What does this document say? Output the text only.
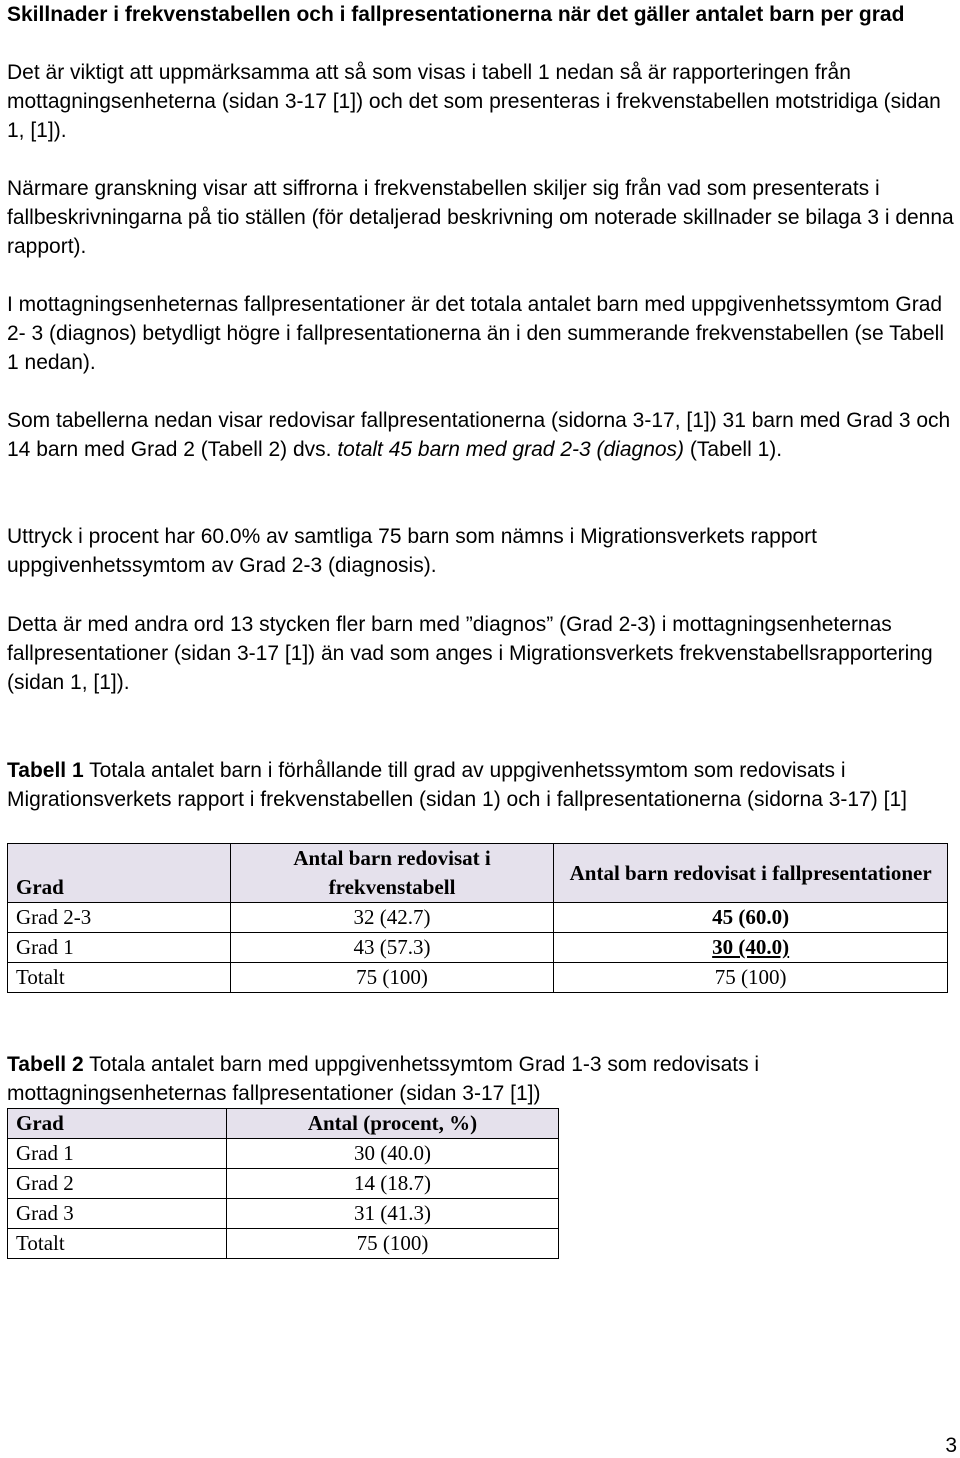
Skillnader i frekvenstabellen och i fallpresentationerna när det gäller antalet barn per grad

Det är viktigt att uppmärksamma att så som visas i tabell 1 nedan så är rapporteringen från mottagningsenheterna (sidan 3-17 [1]) och det som presenteras i frekvenstabellen motstridiga (sidan 1, [1]).

Närmare granskning visar att siffrorna i frekvenstabellen skiljer sig från vad som presenterats i fallbeskrivningarna på tio ställen (för detaljerad beskrivning om noterade skillnader se bilaga 3 i denna rapport).

I mottagningsenheternas fallpresentationer är det totala antalet barn med uppgivenhetssymtom Grad 2- 3 (diagnos) betydligt högre i fallpresentationerna än i den summerande frekvenstabellen (se Tabell 1 nedan).

Som tabellerna nedan visar redovisar fallpresentationerna (sidorna 3-17, [1]) 31 barn med Grad 3 och 14 barn med Grad 2 (Tabell 2) dvs. totalt 45 barn med grad 2-3 (diagnos) (Tabell 1).

Uttryck i procent har 60.0% av samtliga 75 barn som nämns i Migrationsverkets rapport uppgivenhetssymtom av Grad 2-3 (diagnosis).

Detta är med andra ord 13 stycken fler barn med ”diagnos” (Grad 2-3) i mottagningsenheternas fallpresentationer (sidan 3-17 [1]) än vad som anges i Migrationsverkets frekvenstabellsrapportering (sidan 1, [1]).

Tabell 1 Totala antalet barn i förhållande till grad av uppgivenhetssymtom som redovisats i Migrationsverkets rapport i frekvenstabellen (sidan 1) och i fallpresentationerna (sidorna 3-17) [1]

Grad	Antal barn redovisat i frekvenstabell	Antal barn redovisat i fallpresentationer
Grad 2-3	32 (42.7)	45 (60.0)
Grad 1	43 (57.3)	30 (40.0)
Totalt	75 (100)	75 (100)

Tabell 2 Totala antalet barn med uppgivenhetssymtom Grad 1-3 som redovisats i mottagningsenheternas fallpresentationer (sidan 3-17 [1])

Grad	Antal (procent, %)
Grad 1	30 (40.0)
Grad 2	14 (18.7)
Grad 3	31 (41.3)
Totalt	75 (100)
3
